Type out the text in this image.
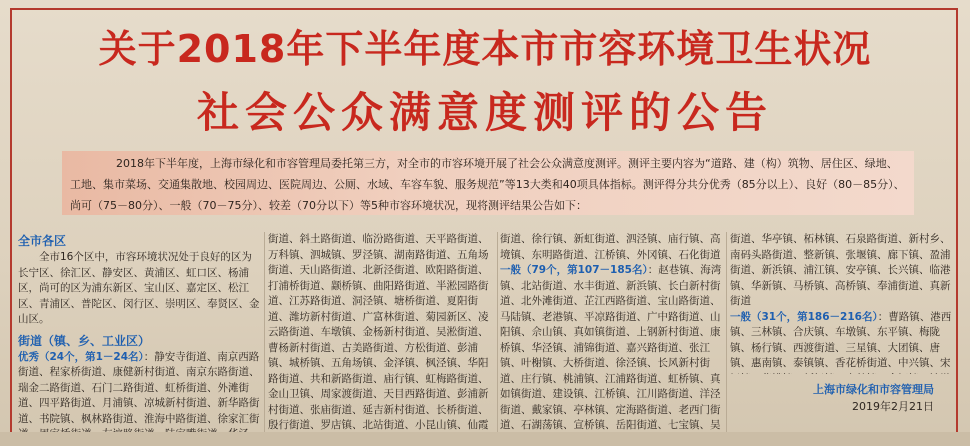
关于2018年下半年度本市市容环境卫生状况
社会公众满意度测评的公告
2018年下半年度，上海市绿化和市容管理局委托第三方，对全市的市容环境开展了社会公众满意度测评。测评主要内容为“道路、建（构）筑物、居住区、绿地、工地、集市菜场、交通集散地、校园周边、医院周边、公厕、水域、车容车貌、服务规范”等13大类和40项具体指标。测评得分共分优秀（85分以上）、良好（80－85分）、尚可（75－80分）、一般（70－75分）、较差（70分以下）等5种市容环境状况，现将测评结果公告如下：
全市各区
全市16个区中，市容环境状况处于良好的区为长宁区、徐汇区、静安区、黄浦区、虹口区、杨浦区，尚可的区为浦东新区、宝山区、嘉定区、松江区、青浦区、普陀区、闵行区、崇明区、奉贤区、金山区。
街道（镇、乡、工业区）
优秀（24个，第1－24名）：静安寺街道、南京西路街道、程家桥街道、康健新村街道、南京东路街道、瑞金二路街道、石门二路街道、虹桥街道、外滩街道、四平路街道、月浦镇、凉城新村街道、新华路街道、书院镇、枫林路街道、淮海中路街道、徐家汇街
街道、斜土路街道、临汾路街道、天平路街道、万科镇、泗城镇、罗泾镇、湖南路街道、五角场街道、天山路街道、北新泾街道、欧阳路街道、打浦桥街道、颛桥镇、曲阳路街道、半淞园路街道、江苏路街道、洞泾镇、塘桥街道、夏阳街道、潍坊新村街道、广富林街道、菊园新区、凌云路街道、车墩镇、金杨新村街道、吴淞街道、曹杨新村街道、古美路街道、方松街道、彭浦镇、城桥镇、五角场镇、金泽镇、枫泾镇、华阳路街道、共和新路街道、庙行镇、虹梅路街道、金山卫镇、周家渡街道、天目西路街道、彭浦新村街道、张庙街道、延吉新村街道、长桥街道、殷行街道、罗店镇、北站街道、小昆山镇、仙霞
街道、徐行镇、新虹街道、泗泾镇、庙行镇、高境镇、东明路街道、江桥镇、外冈镇、石化街道
一般（79个，第107－185名）：赵巷镇、海湾镇、北站街道、水丰街道、新浜镇、长白新村街道、北外滩街道、芷江西路街道、宝山路街道、马陆镇、老港镇、平凉路街道、广中路街道、山阳镇、佘山镇、真如镇街道、上钢新村街道、康桥镇、华泾镇、浦锦街道、嘉兴路街道、张江镇、叶榭镇、大桥街道、徐泾镇、长风新村街道、庄行镇、桃浦镇、江浦路街道、虹桥镇、真如镇街道、建设镇、江桥镇、江川路街道、洋泾街道、戴家镇、亭林镇、定海路街道、老西门街道、石湖荡镇、宣桥镇、岳阳街道、七宝镇、吴
街道、华亭镇、柘林镇、石泉路街道、新村乡、南码头路街道、整新镇、张堰镇、廊下镇、盈浦街道、新浜镇、浦江镇、安亭镇、长兴镇、临港镇、华新镇、马桥镇、高桥镇、奉浦街道、真新街道
一般（31个，第186－216名）：曹路镇、港西镇、三林镇、合庆镇、车墩镇、东平镇、梅陇镇、杨行镇、西渡街道、三星镇、大团镇、唐镇、惠南镇、泰镇镇、香花桥街道、中兴镇、宋
上海市绿化和市容管理局
2019年2月21日
